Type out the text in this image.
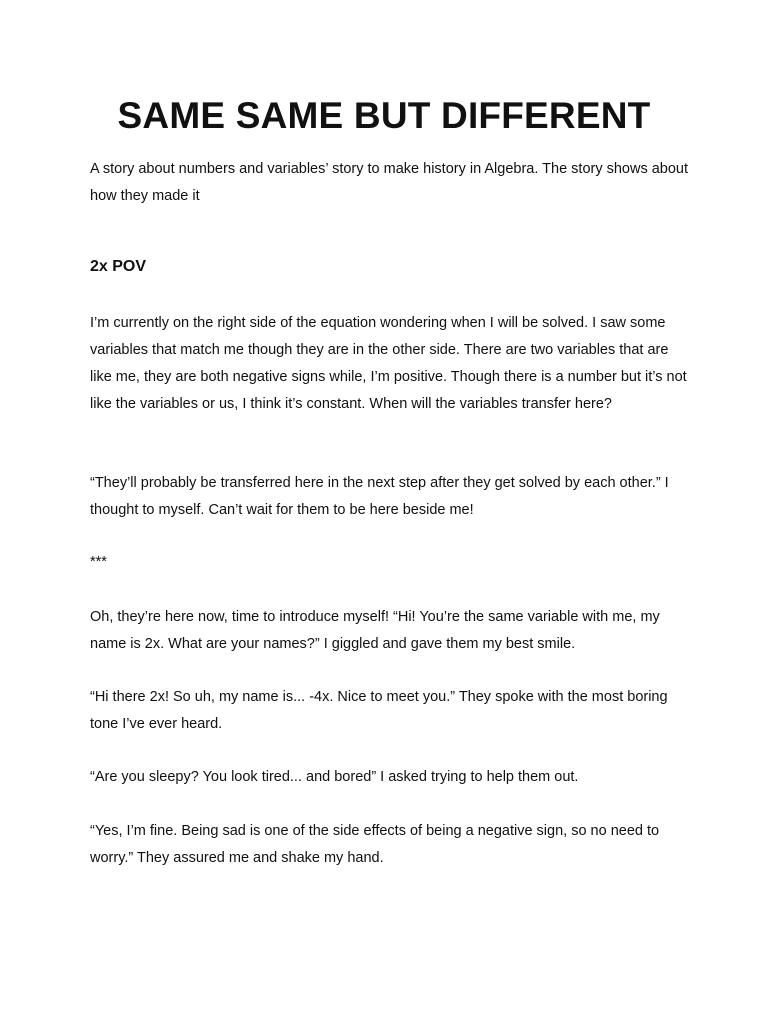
SAME SAME BUT DIFFERENT

A story about numbers and variables’ story to make history in Algebra. The story shows about how they made it

2x POV

I’m currently on the right side of the equation wondering when I will be solved. I saw some variables that match me though they are in the other side. There are two variables that are like me, they are both negative signs while, I’m positive. Though there is a number but it’s not like the variables or us, I think it’s constant. When will the variables transfer here?

“They’ll probably be transferred here in the next step after they get solved by each other.” I thought to myself. Can’t wait for them to be here beside me!

***

Oh, they’re here now, time to introduce myself! “Hi! You’re the same variable with me, my name is 2x. What are your names?” I giggled and gave them my best smile.

“Hi there 2x! So uh, my name is... -4x. Nice to meet you.” They spoke with the most boring tone I’ve ever heard.

“Are you sleepy? You look tired... and bored” I asked trying to help them out.

“Yes, I’m fine. Being sad is one of the side effects of being a negative sign, so no need to worry.” They assured me and shake my hand.
